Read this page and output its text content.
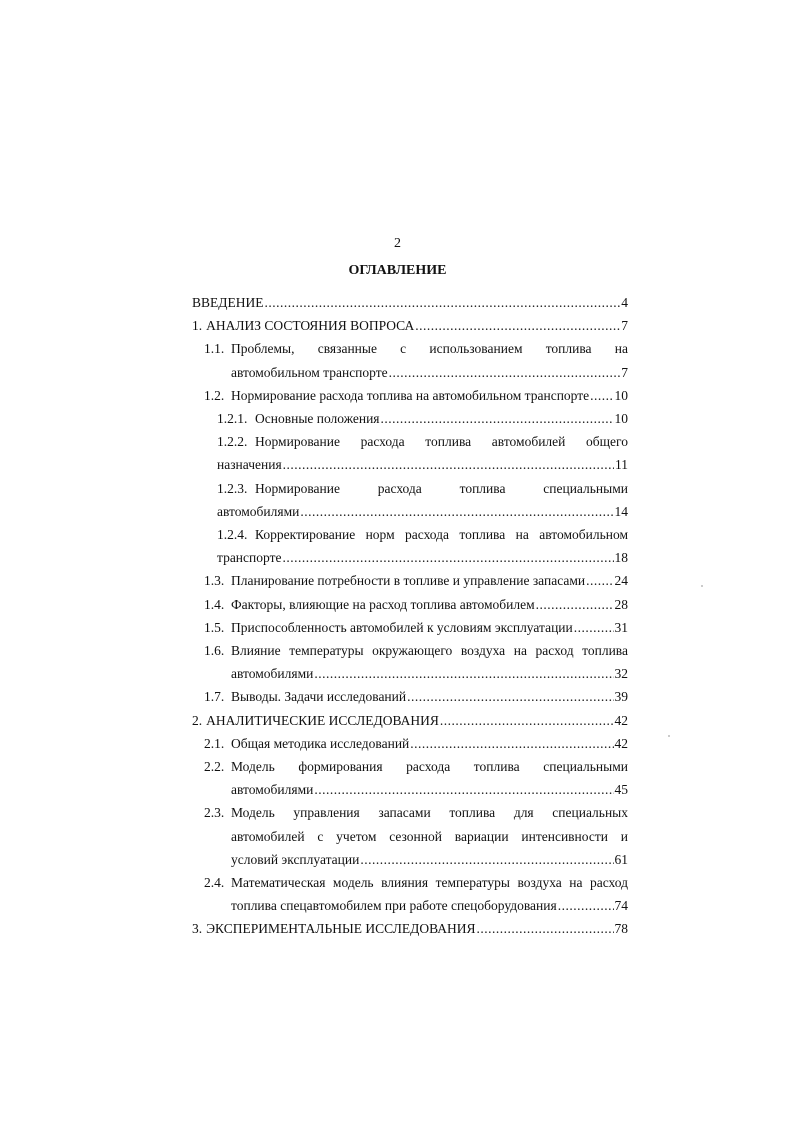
2
ОГЛАВЛЕНИЕ
ВВЕДЕНИЕ .....	4
1. АНАЛИЗ СОСТОЯНИЯ ВОПРОСА .....	7
1.1. Проблемы, связанные с использованием топлива на
автомобильном транспорте .....	7
1.2. Нормирование расхода топлива на автомобильном транспорте ..... 10
1.2.1. Основные положения .....	10
1.2.2. Нормирование расхода топлива автомобилей общего
назначения .....	11
1.2.3. Нормирование расхода топлива специальными
автомобилями .....	14
1.2.4. Корректирование норм расхода топлива на автомобильном
транспорте .....	18
1.3. Планирование потребности в топливе и управление запасами ..... 24
1.4. Факторы, влияющие на расход топлива автомобилем .....	28
1.5. Приспособленность автомобилей к условиям эксплуатации .....	31
1.6. Влияние температуры окружающего воздуха на расход топлива
автомобилями .....	32
1.7. Выводы. Задачи исследований .....	39
2. АНАЛИТИЧЕСКИЕ ИССЛЕДОВАНИЯ .....	42
2.1. Общая методика исследований .....	42
2.2. Модель формирования расхода топлива специальными
автомобилями .....	45
2.3. Модель управления запасами топлива для специальных
автомобилей с учетом сезонной вариации интенсивности и
условий эксплуатации .....	61
2.4. Математическая модель влияния температуры воздуха на расход
топлива спецавтомобилем при работе спецоборудования .....	74
3. ЭКСПЕРИМЕНТАЛЬНЫЕ ИССЛЕДОВАНИЯ .....	78
